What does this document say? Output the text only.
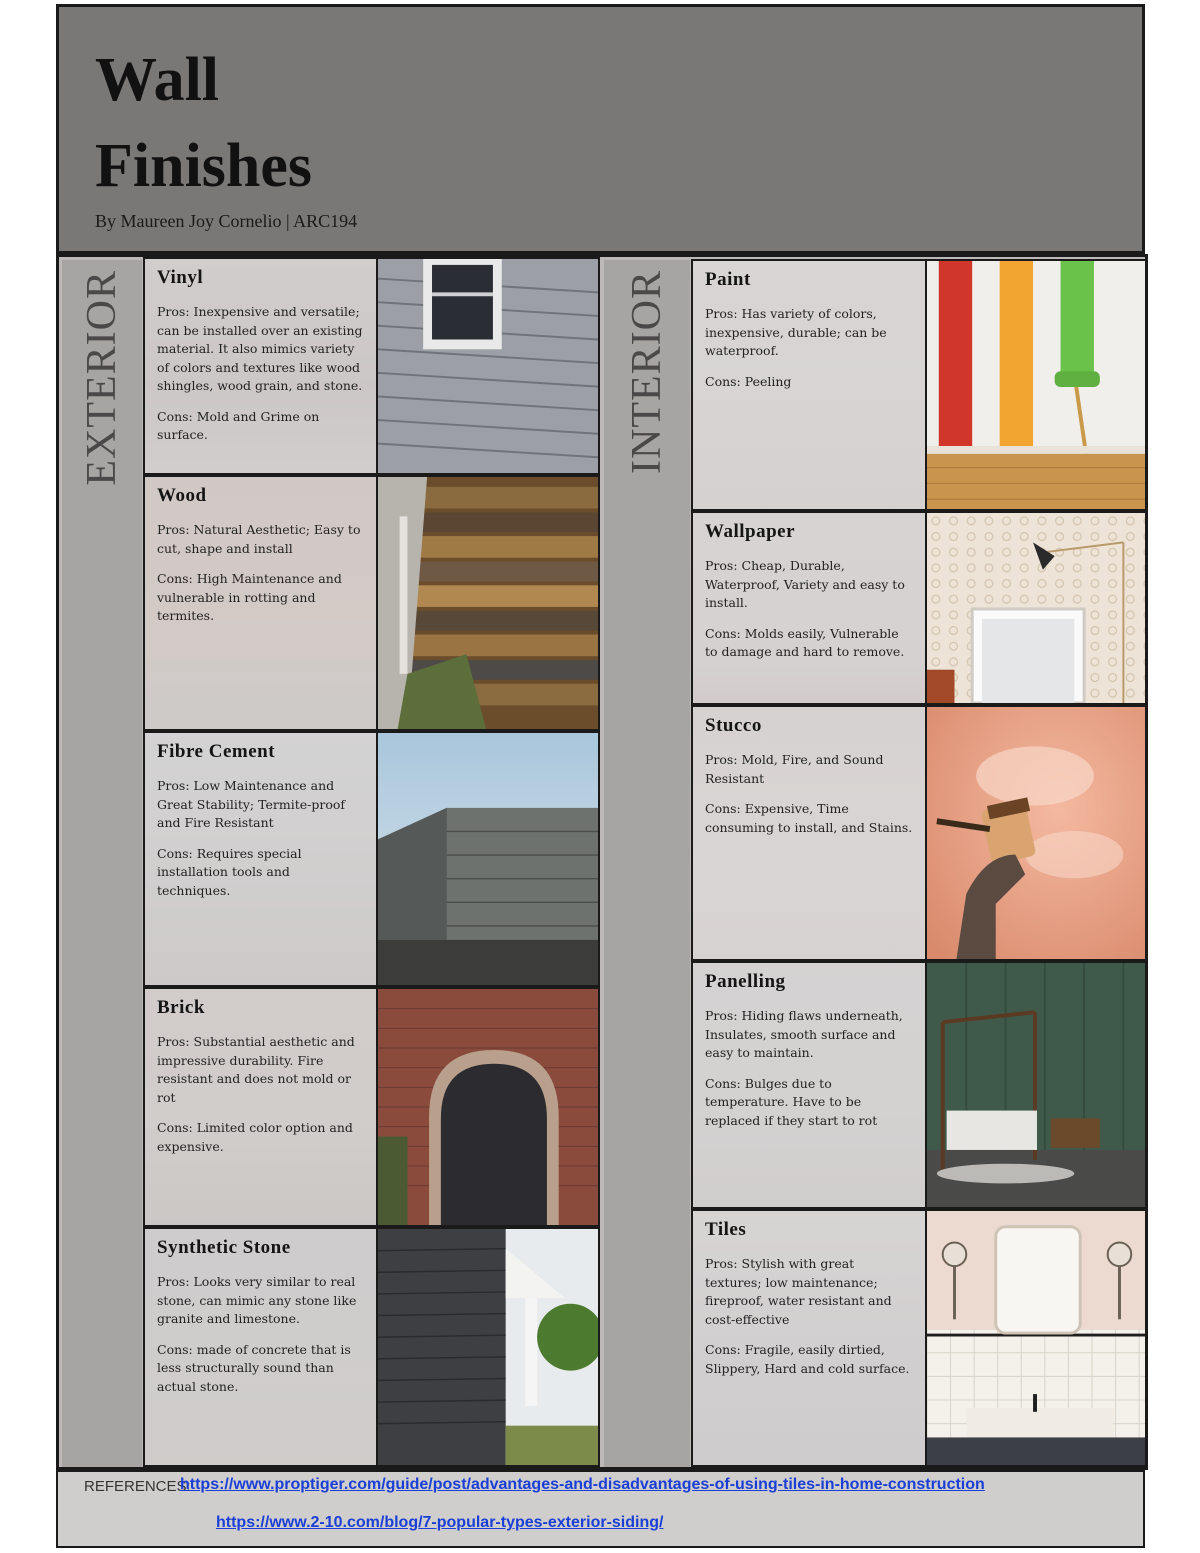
Wall
Finishes
By Maureen Joy Cornelio | ARC194
EXTERIOR Vinyl

Pros: Inexpensive and versatile; can be installed over an existing material. It also mimics variety of colors and textures like wood shingles, wood grain, and stone.

Cons: Mold and Grime on surface.

Wood

Pros: Natural Aesthetic; Easy to cut, shape and install

Cons: High Maintenance and vulnerable in rotting and termites.

Fibre Cement

Pros: Low Maintenance and Great Stability; Termite-proof and Fire Resistant

Cons: Requires special installation tools and techniques.

Brick

Pros: Substantial aesthetic and impressive durability. Fire resistant and does not mold or rot

Cons: Limited color option and expensive.

Synthetic Stone

Pros: Looks very similar to real stone, can mimic any stone like granite and limestone.

Cons: made of concrete that is less structurally sound than actual stone.

INTERIOR Paint

Pros: Has variety of colors, inexpensive, durable; can be waterproof.

Cons: Peeling

Wallpaper

Pros: Cheap, Durable, Waterproof, Variety and easy to install.

Cons: Molds easily, Vulnerable to damage and hard to remove.

Stucco

Pros: Mold, Fire, and Sound Resistant

Cons: Expensive, Time consuming to install, and Stains.

Panelling

Pros: Hiding flaws underneath, Insulates, smooth surface and easy to maintain.

Cons: Bulges due to temperature. Have to be replaced if they start to rot

Tiles

Pros: Stylish with great textures; low maintenance; fireproof, water resistant and cost-effective

Cons: Fragile, easily dirtied, Slippery, Hard and cold surface.

REFERENCES:
https://www.proptiger.com/guide/post/advantages-and-disadvantages-of-using-tiles-in-home-construction
https://www.2-10.com/blog/7-popular-types-exterior-siding/
